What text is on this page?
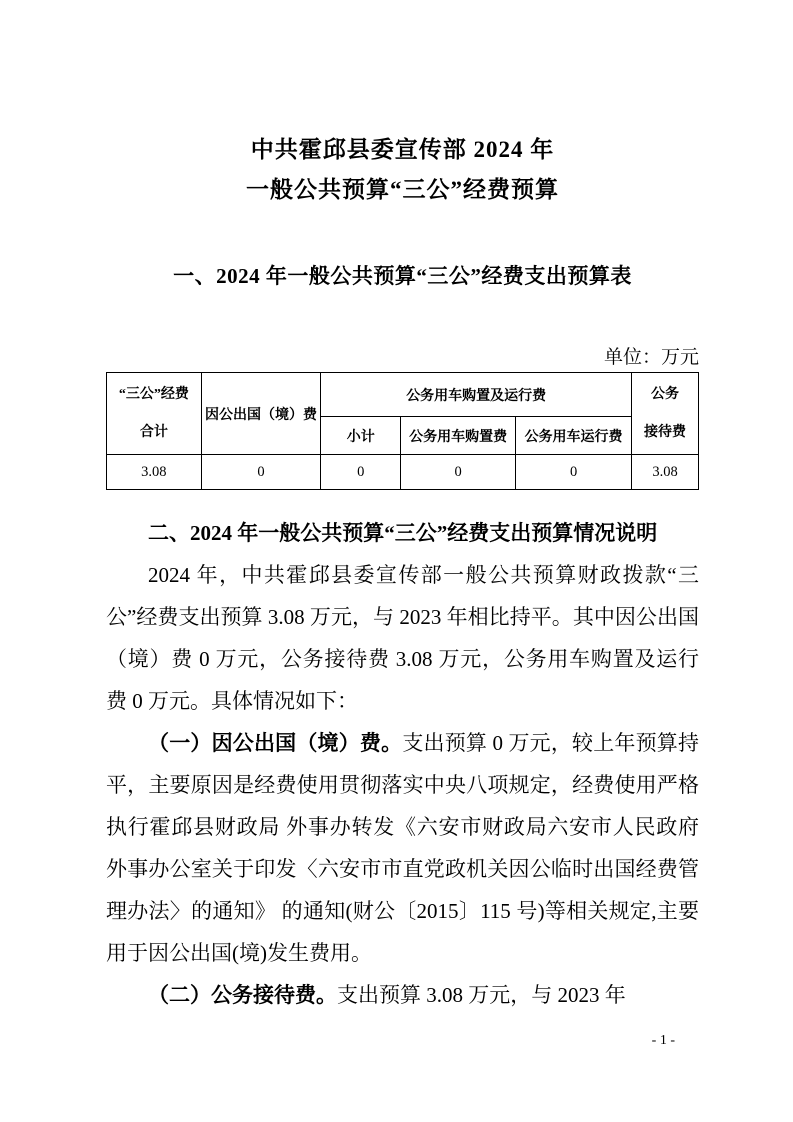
中共霍邱县委宣传部 2024 年
一般公共预算“三公”经费预算
一、2024 年一般公共预算“三公”经费支出预算表
单位：万元
“三公”经费
合计
	因公出国（境）费	公务用车购置及运行费	公务
接待费

		小计	公务用车购置费	公务用车运行费	
3.08	0	0	0	0	3.08

二、2024 年一般公共预算“三公”经费支出预算情况说明

2024 年，中共霍邱县委宣传部一般公共预算财政拨款“三公”经费支出预算 3.08 万元，与 2023 年相比持平。其中因公出国（境）费 0 万元，公务接待费 3.08 万元，公务用车购置及运行费 0 万元。具体情况如下：

（一）因公出国（境）费。支出预算 0 万元，较上年预算持平，主要原因是经费使用贯彻落实中央八项规定，经费使用严格执行霍邱县财政局 外事办转发《六安市财政局六安市人民政府外事办公室关于印发〈六安市市直党政机关因公临时出国经费管理办法〉的通知》 的通知(财公〔2015〕115 号)等相关规定,主要用于因公出国(境)发生费用。

（二）公务接待费。支出预算 3.08 万元，与 2023 年

- 1 -
